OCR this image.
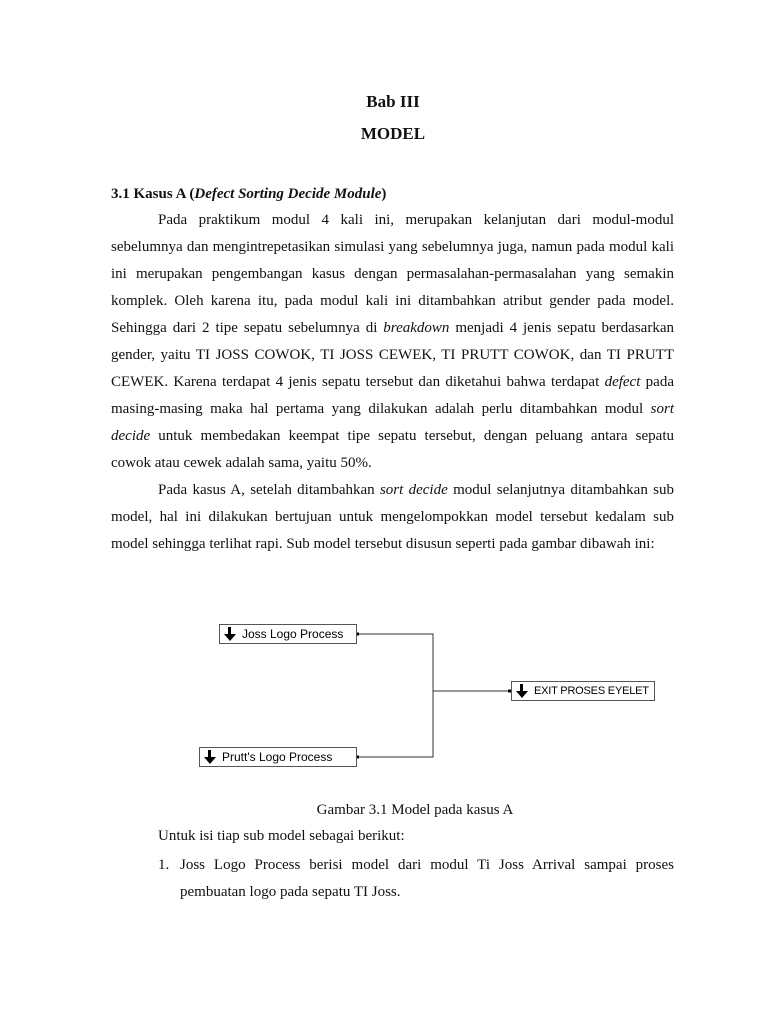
Bab III
MODEL
3.1 Kasus A (Defect Sorting Decide Module)

Pada praktikum modul 4 kali ini, merupakan kelanjutan dari modul-modul sebelumnya dan mengintrepetasikan simulasi yang sebelumnya juga, namun pada modul kali ini merupakan pengembangan kasus dengan permasalahan-permasalahan yang semakin komplek. Oleh karena itu, pada modul kali ini ditambahkan atribut gender pada model. Sehingga dari 2 tipe sepatu sebelumnya di breakdown menjadi 4 jenis sepatu berdasarkan gender, yaitu TI JOSS COWOK, TI JOSS CEWEK, TI PRUTT COWOK, dan TI PRUTT CEWEK. Karena terdapat 4 jenis sepatu tersebut dan diketahui bahwa terdapat defect pada masing-masing maka hal pertama yang dilakukan adalah perlu ditambahkan modul sort decide untuk membedakan keempat tipe sepatu tersebut, dengan peluang antara sepatu cowok atau cewek adalah sama, yaitu 50%.

Pada kasus A, setelah ditambahkan sort decide modul selanjutnya ditambahkan sub model, hal ini dilakukan bertujuan untuk mengelompokkan model tersebut kedalam sub model sehingga terlihat rapi. Sub model tersebut disusun seperti pada gambar dibawah ini:

Joss Logo Process
Prutt's Logo Process
EXIT PROSES EYELET

Gambar 3.1 Model pada kasus A

Untuk isi tiap sub model sebagai berikut:

1. Joss Logo Process berisi model dari modul Ti Joss Arrival sampai proses pembuatan logo pada sepatu TI Joss.
